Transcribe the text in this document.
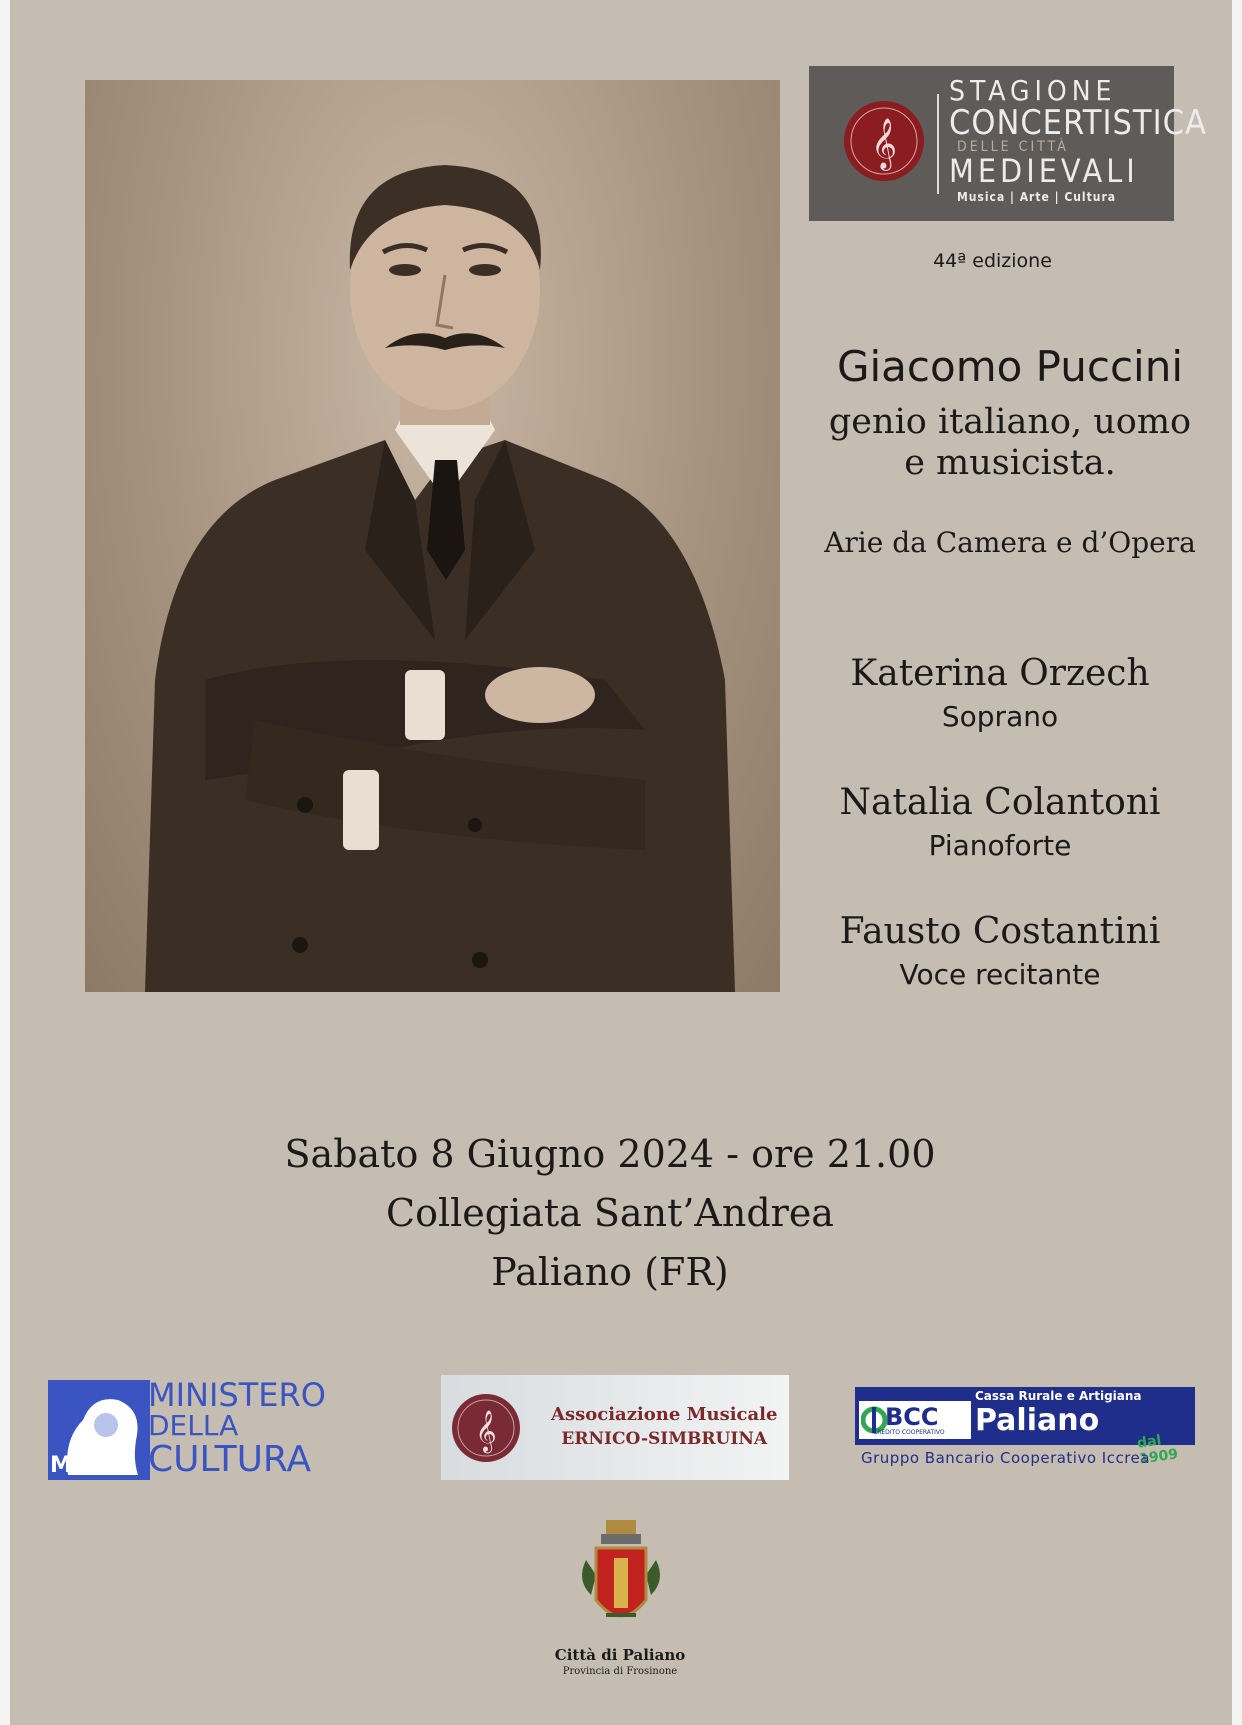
𝄞
STAGIONE
CONCERTISTICA
DELLE CITTÀ
MEDIEVALI
Musica | Arte | Cultura
44ª edizione
Giacomo Puccini
genio italiano, uomo
e musicista.
Arie da Camera e d’Opera
Katerina Orzech
Soprano
Natalia Colantoni
Pianoforte
Fausto Costantini
Voce recitante
Sabato 8 Giugno 2024 - ore 21.00
Collegiata Sant’Andrea
Paliano (FR)
MiC
MINISTERO
DELLA
CULTURA
𝄞	Associazione Musicale
ERNICO-SIMBRUINA
BCC
CREDITO COOPERATIVO
Cassa Rurale e Artigiana
Paliano
dal 1909
Gruppo Bancario Cooperativo Iccrea
Città di Paliano
Provincia di Frosinone
